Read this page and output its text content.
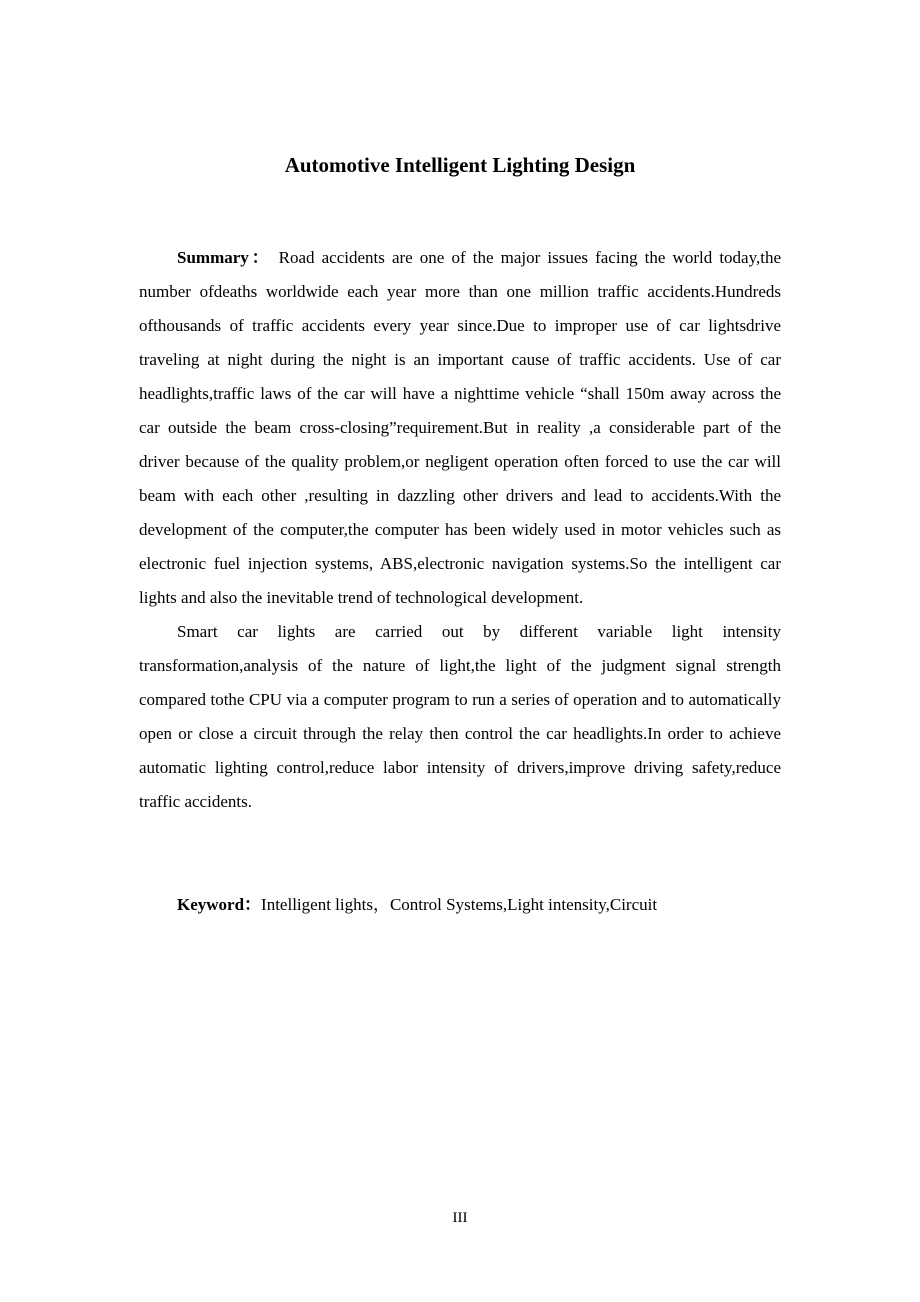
Automotive Intelligent Lighting Design

Summary： Road accidents are one of the major issues facing the world today,the number ofdeaths worldwide each year more than one million traffic accidents.Hundreds ofthousands of traffic accidents every year since.Due to improper use of car lightsdrive traveling at night during the night is an important cause of traffic accidents. Use of car headlights,traffic laws of the car will have a nighttime vehicle “shall 150m away across the car outside the beam cross-closing”requirement.But in reality ,a considerable part of the driver because of the quality problem,or negligent operation often forced to use the car will beam with each other ,resulting in dazzling other drivers and lead to accidents.With the development of the computer,the computer has been widely used in motor vehicles such as electronic fuel injection systems, ABS,electronic navigation systems.So the intelligent car lights and also the inevitable trend of technological development.

Smart car lights are carried out by different variable light intensity transformation,analysis of the nature of light,the light of the judgment signal strength compared tothe CPU via a computer program to run a series of operation and to automatically open or close a circuit through the relay then control the car headlights.In order to achieve automatic lighting control,reduce labor intensity of drivers,improve driving safety,reduce traffic accidents.

Keyword：Intelligent lights，Control Systems,Light intensity,Circuit
III
